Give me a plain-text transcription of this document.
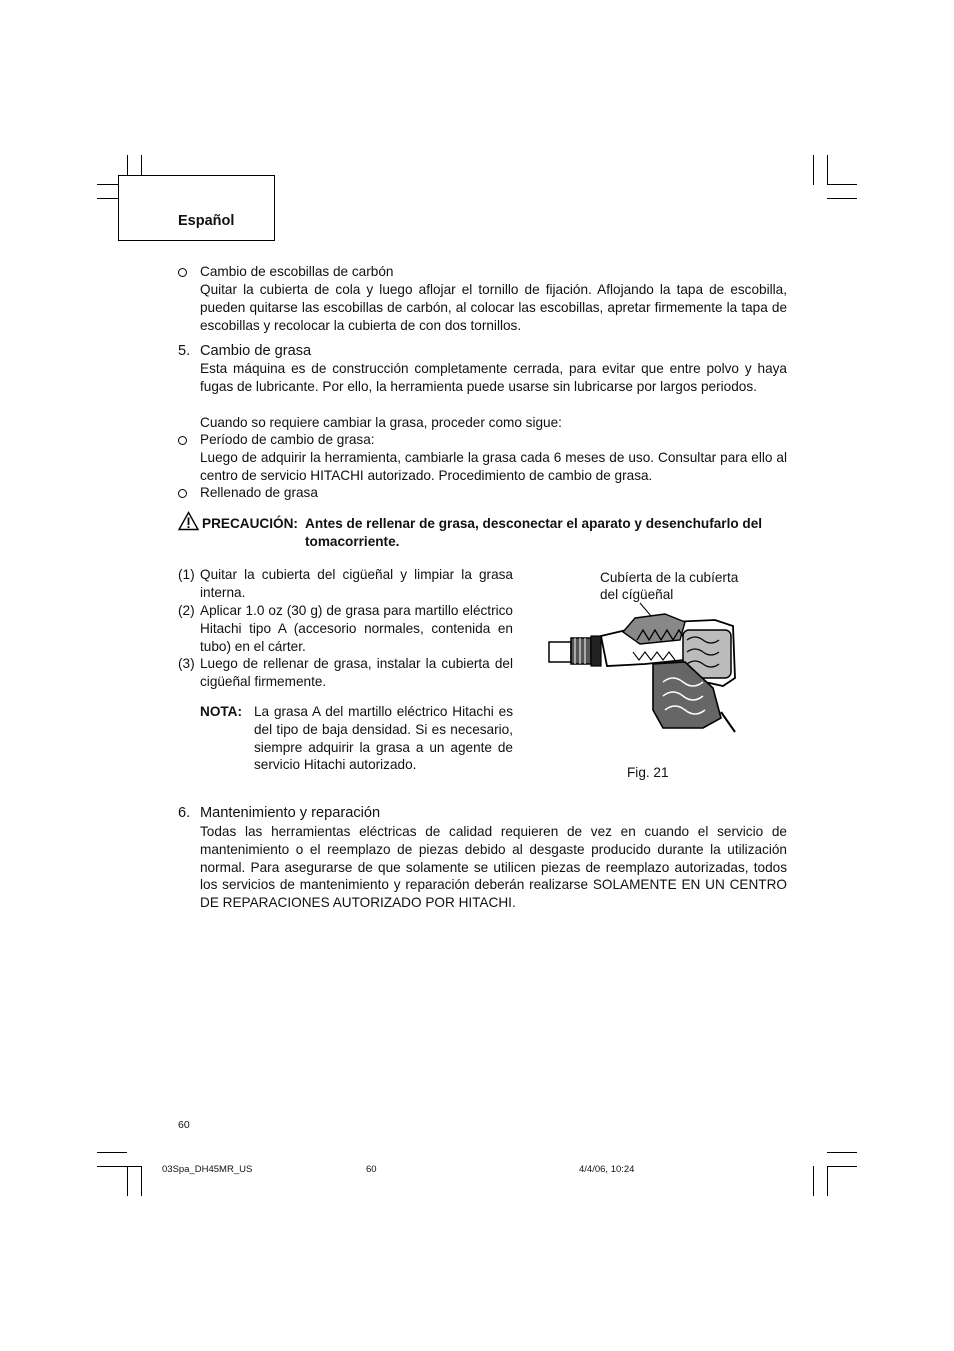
Español
Cambio de escobillas de carbón
Quitar la cubierta de cola y luego aflojar el tornillo de fijación. Aflojando la tapa de escobilla, pueden quitarse las escobillas de carbón, al colocar las escobillas, apretar firmemente la tapa de escobillas y recolocar la cubierta de con dos tornillos.
5. Cambio de grasa
Esta máquina es de construcción completamente cerrada, para evitar que entre polvo y haya fugas de lubricante. Por ello, la herramienta puede usarse sin lubricarse por largos periodos.
Cuando so requiere cambiar la grasa, proceder como sigue:
Período de cambio de grasa:
Luego de adquirir la herramienta, cambiarle la grasa cada 6 meses de uso. Consultar para ello al centro de servicio HITACHI autorizado. Procedimiento de cambio de grasa.
Rellenado de grasa
PRECAUCIÓN: Antes de rellenar de grasa, desconectar el aparato y desenchufarlo del
tomacorriente.
(1) Quitar la cubierta del cigüeñal y limpiar la grasa interna.
(2) Aplicar 1.0 oz (30 g) de grasa para martillo eléctrico Hitachi tipo A (accesorio normales, contenida en tubo) en el cárter.
(3) Luego de rellenar de grasa, instalar la cubierta del cigüeñal firmemente.
NOTA: La grasa A del martillo eléctrico Hitachi es del tipo de baja densidad. Si es necesario, siempre adquirir la grasa a un agente de servicio Hitachi autorizado.
Cubíerta de la cubíerta
del cígüeñal
Fig. 21
6. Mantenimiento y reparación
Todas las herramientas eléctricas de calidad requieren de vez en cuando el servicio de mantenimiento o el reemplazo de piezas debido al desgaste producido durante la utilización normal. Para asegurarse de que solamente se utilicen piezas de reemplazo autorizadas, todos los servicios de mantenimiento y reparación deberán realizarse SOLAMENTE EN UN CENTRO DE REPARACIONES AUTORIZADO POR HITACHI.
60
03Spa_DH45MR_US	60	4/4/06, 10:24
